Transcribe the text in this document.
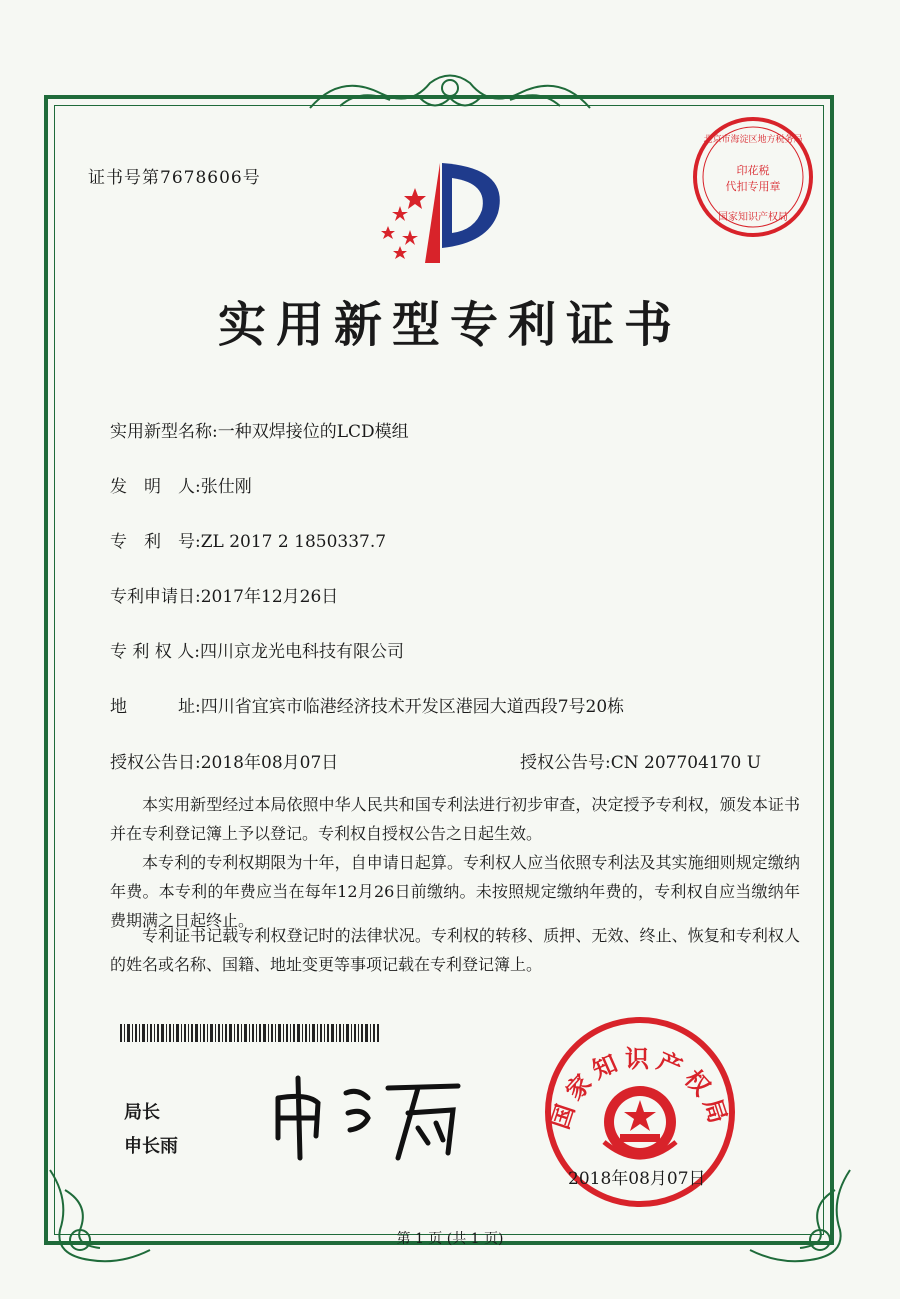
证书号第7678606号	印花税
代扣专用章
北京市海淀区地方税务局
国家知识产权局
实用新型专利证书
实用新型名称:一种双焊接位的LCD模组
发　明　人:张仕刚
专　利　号:ZL 2017 2 1850337.7
专利申请日:2017年12月26日
专 利 权 人:四川京龙光电科技有限公司
地　　　址:四川省宜宾市临港经济技术开发区港园大道西段7号20栋
授权公告日:2018年08月07日	授权公告号:CN 207704170 U
本实用新型经过本局依照中华人民共和国专利法进行初步审查，决定授予专利权，颁发本证书并在专利登记簿上予以登记。专利权自授权公告之日起生效。
本专利的专利权期限为十年，自申请日起算。专利权人应当依照专利法及其实施细则规定缴纳年费。本专利的年费应当在每年12月26日前缴纳。未按照规定缴纳年费的，专利权自应当缴纳年费期满之日起终止。
专利证书记载专利权登记时的法律状况。专利权的转移、质押、无效、终止、恢复和专利权人的姓名或名称、国籍、地址变更等事项记载在专利登记簿上。
局长
申长雨
国家知识产权局
2018年08月07日
第 1 页 (共 1 页)
